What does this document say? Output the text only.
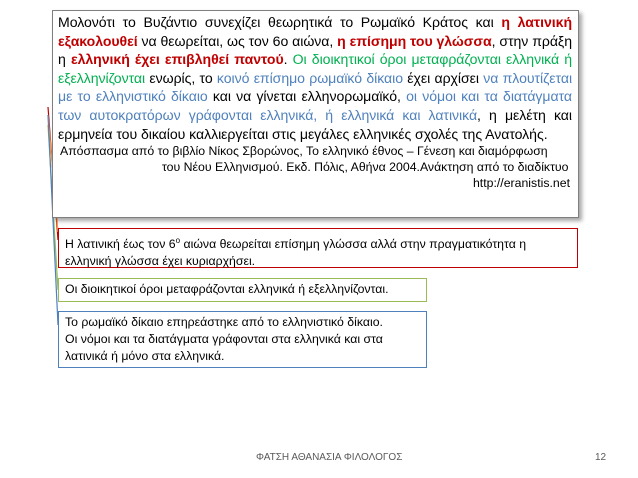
Μολονότι το Βυζάντιο συνεχίζει θεωρητικά το Ρωμαϊκό Κράτος και η λατινική εξακολουθεί να θεωρείται, ως τον 6ο αιώνα, η επίσημη του γλώσσα, στην πράξη η ελληνική έχει επιβληθεί παντού. Οι διοικητικοί όροι μεταφράζονται ελληνικά ή εξελληνίζονται ενωρίς, το κοινό επίσημο ρωμαϊκό δίκαιο έχει αρχίσει να πλουτίζεται με το ελληνιστικό δίκαιο και να γίνεται ελληνορωμαϊκό, οι νόμοι και τα διατάγματα των αυτοκρατόρων γράφονται ελληνικά, ή ελληνικά και λατινικά, η μελέτη και ερμηνεία του δικαίου καλλιεργείται στις μεγάλες ελληνικές σχολές της Ανατολής.

Απόσπασμα από το βιβλίο Νίκος Σβορώνος, Το ελληνικό έθνος – Γένεση και διαμόρφωση
του Νέου Ελληνισμού. Εκδ. Πόλις, Αθήνα 2004.Ανάκτηση από το διαδίκτυο
http://eranistis.net
Η λατινική έως τον $6^o$ αιώνα θεωρείται επίσημη γλώσσα αλλά στην πραγματικότητα η ελληνική γλώσσα έχει κυριαρχήσει.
Οι διοικητικοί όροι μεταφράζονται ελληνικά ή εξελληνίζονται.
Το ρωμαϊκό δίκαιο επηρεάστηκε από το ελληνιστικό δίκαιο.
Οι νόμοι και τα διατάγματα γράφονται στα ελληνικά και στα λατινικά ή μόνο στα ελληνικά.
ΦΑΤΣΗ ΑΘΑΝΑΣΙΑ ΦΙΛΟΛΟΓΟΣ	12
